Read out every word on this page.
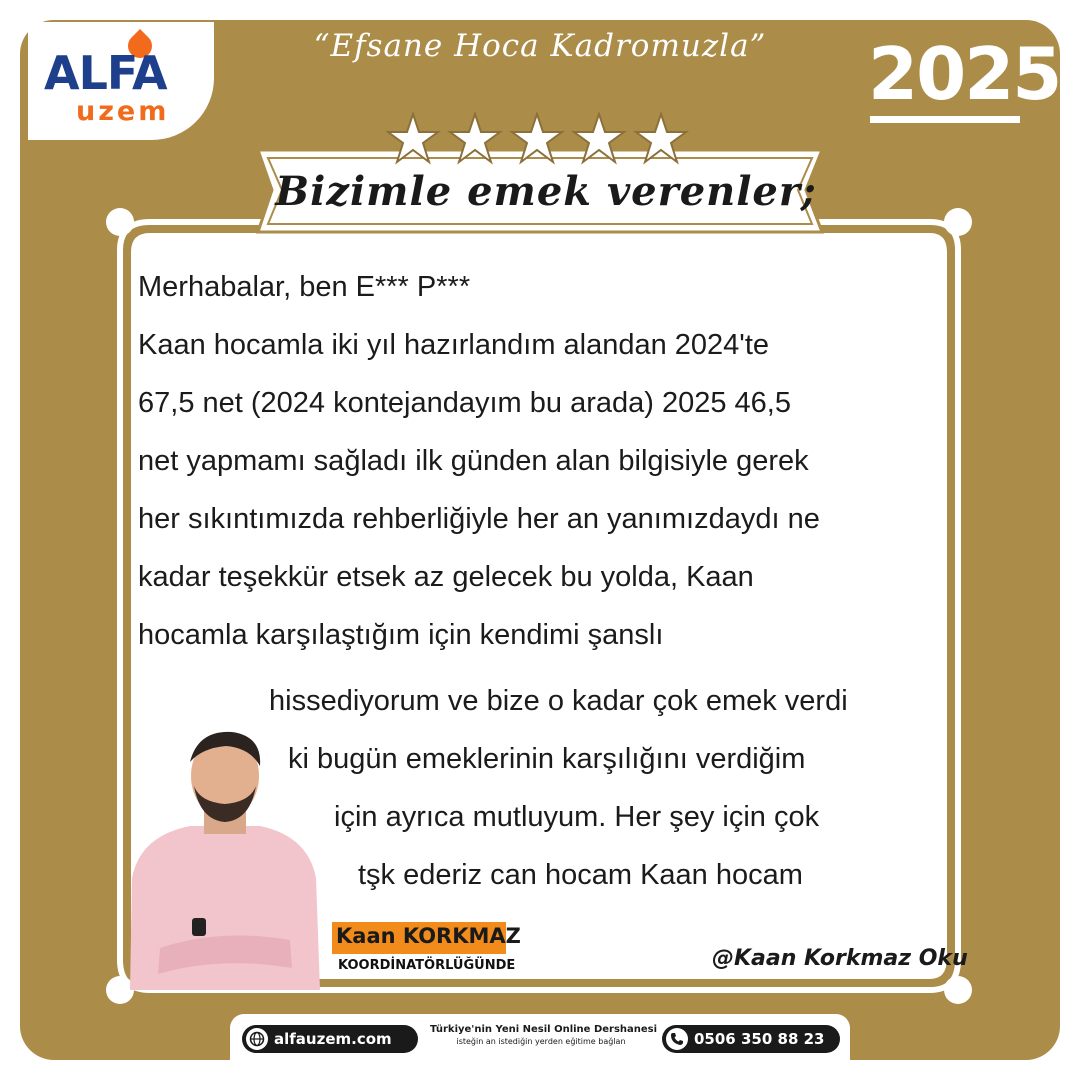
ALFA
uzem
“Efsane Hoca Kadromuzla”	2025
Bizimle emek verenler;
Merhabalar, ben E*** P***
Kaan hocamla iki yıl hazırlandım alandan 2024'te
67,5 net (2024 kontejandayım bu arada) 2025 46,5
net yapmamı sağladı ilk günden alan bilgisiyle gerek
her sıkıntımızda rehberliğiyle her an yanımızdaydı ne
kadar teşekkür etsek az gelecek bu yolda, Kaan
hocamla karşılaştığım için kendimi şanslı
hissediyorum ve bize o kadar çok emek verdi
ki bugün emeklerinin karşılığını verdiğim
için ayrıca mutluyum. Her şey için çok
tşk ederiz can hocam Kaan hocam
Kaan KORKMAZ
KOORDİNATÖRLÜĞÜNDE	@Kaan Korkmaz Oku
alfauzem.com
Türkiye'nin Yeni Nesil Online Dershanesi
isteğin an istediğin yerden eğitime bağlan	0506 350 88 23
